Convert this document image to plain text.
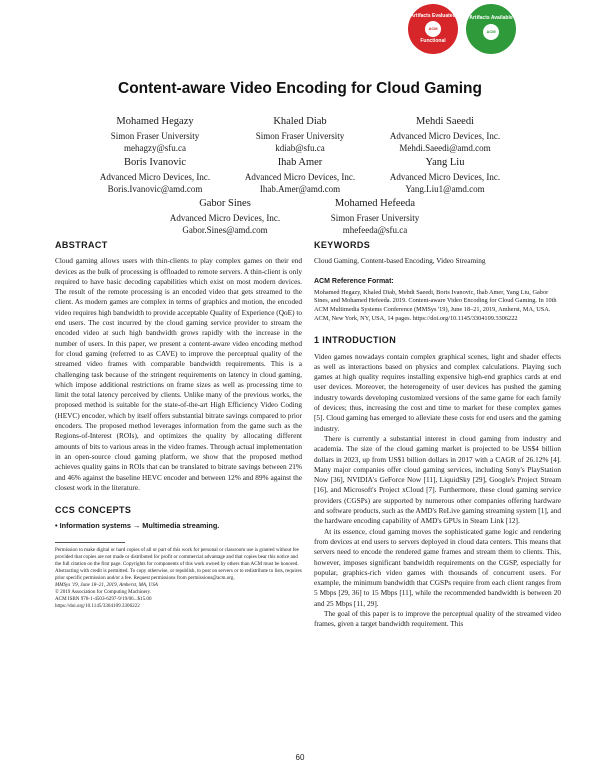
Artifacts Evaluated
ACM
Functional
Artifacts Available
ACM
Content-aware Video Encoding for Cloud Gaming
Mohamed Hegazy
Simon Fraser University
mehagzy@sfu.ca
Khaled Diab
Simon Fraser University
kdiab@sfu.ca
Mehdi Saeedi
Advanced Micro Devices, Inc.
Mehdi.Saeedi@amd.com
Boris Ivanovic
Advanced Micro Devices, Inc.
Boris.Ivanovic@amd.com
Ihab Amer
Advanced Micro Devices, Inc.
Ihab.Amer@amd.com
Yang Liu
Advanced Micro Devices, Inc.
Yang.Liu1@amd.com
Gabor Sines
Advanced Micro Devices, Inc.
Gabor.Sines@amd.com
Mohamed Hefeeda
Simon Fraser University
mhefeeda@sfu.ca
ABSTRACT

Cloud gaming allows users with thin-clients to play complex games on their end devices as the bulk of processing is offloaded to remote servers. A thin-client is only required to have basic decoding capabilities which exist on most modern devices. The result of the remote processing is an encoded video that gets streamed to the client. As modern games are complex in terms of graphics and motion, the encoded video requires high bandwidth to provide acceptable Quality of Experience (QoE) to end users. The cost incurred by the cloud gaming service provider to stream the encoded video at such high bandwidth grows rapidly with the increase in the number of users. In this paper, we present a content-aware video encoding method for cloud gaming (referred to as CAVE) to improve the perceptual quality of the streamed video frames with comparable bandwidth requirements. This is a challenging task because of the stringent requirements on latency in cloud gaming, which impose additional restrictions on frame sizes as well as processing time to limit the total latency perceived by clients. Unlike many of the previous works, the proposed method is suitable for the state-of-the-art High Efficiency Video Coding (HEVC) encoder, which by itself offers substantial bitrate savings compared to prior encoders. The proposed method leverages information from the game such as the Regions-of-Interest (ROIs), and optimizes the quality by allocating different amounts of bits to various areas in the video frames. Through actual implementation in an open-source cloud gaming platform, we show that the proposed method achieves quality gains in ROIs that can be translated to bitrate savings between 21% and 46% against the baseline HEVC encoder and between 12% and 89% against the closest work in the literature.

CCS CONCEPTS
• Information systems → Multimedia streaming.
Permission to make digital or hard copies of all or part of this work for personal or classroom use is granted without fee provided that copies are not made or distributed for profit or commercial advantage and that copies bear this notice and the full citation on the first page. Copyrights for components of this work owned by others than ACM must be honored. Abstracting with credit is permitted. To copy otherwise, or republish, to post on servers or to redistribute to lists, requires prior specific permission and/or a fee. Request permissions from permissions@acm.org.
MMSys '19, June 18–21, 2019, Amherst, MA, USA
© 2019 Association for Computing Machinery.
ACM ISBN 978-1-4503-6297-9/19/06...$15.00
https://doi.org/10.1145/3304109.3306222
KEYWORDS

Cloud Gaming, Content-based Encoding, Video Streaming

ACM Reference Format:
Mohamed Hegazy, Khaled Diab, Mehdi Saeedi, Boris Ivanovic, Ihab Amer, Yang Liu, Gabor Sines, and Mohamed Hefeeda. 2019. Content-aware Video Encoding for Cloud Gaming. In 10th ACM Multimedia Systems Conference (MMSys '19), June 18–21, 2019, Amherst, MA, USA. ACM, New York, NY, USA, 14 pages. https://doi.org/10.1145/3304109.3306222
1 INTRODUCTION

Video games nowadays contain complex graphical scenes, light and shader effects as well as interactions based on physics and complex calculations. Playing such games at high quality requires installing expensive high-end graphics cards at end user devices. Moreover, the heterogeneity of user devices has pushed the gaming industry towards developing customized versions of the same game for each family of devices; thus, increasing the cost and time to market for these complex games [5]. Cloud gaming has emerged to alleviate these costs for end users and the gaming industry.

There is currently a substantial interest in cloud gaming from industry and academia. The size of the cloud gaming market is projected to be US$4 billion dollars in 2023, up from US$1 billion dollars in 2017 with a CAGR of 26.12% [4]. Many major companies offer cloud gaming services, including Sony's PlayStation Now [36], NVIDIA's GeForce Now [11], LiquidSky [29], Google's Project Stream [16], and Microsoft's Project xCloud [7]. Furthermore, these cloud gaming service providers (CGSPs) are supported by numerous other companies offering hardware and software products, such as the AMD's ReLive gaming streaming system [1], and the hardware encoding capability of AMD's GPUs in Steam Link [12].

At its essence, cloud gaming moves the sophisticated game logic and rendering from devices at end users to servers deployed in cloud data centers. This means that servers need to encode the rendered game frames and stream them to clients. This, however, imposes significant bandwidth requirements on the CGSP, especially for popular, graphics-rich video games with thousands of concurrent users. For example, the minimum bandwidth that CGSPs require from each client ranges from 5 Mbps [29, 36] to 15 Mbps [11], while the recommended bandwidth is between 20 and 25 Mbps [11, 29].

The goal of this paper is to improve the perceptual quality of the streamed video frames, given a target bandwidth requirement. This

60
